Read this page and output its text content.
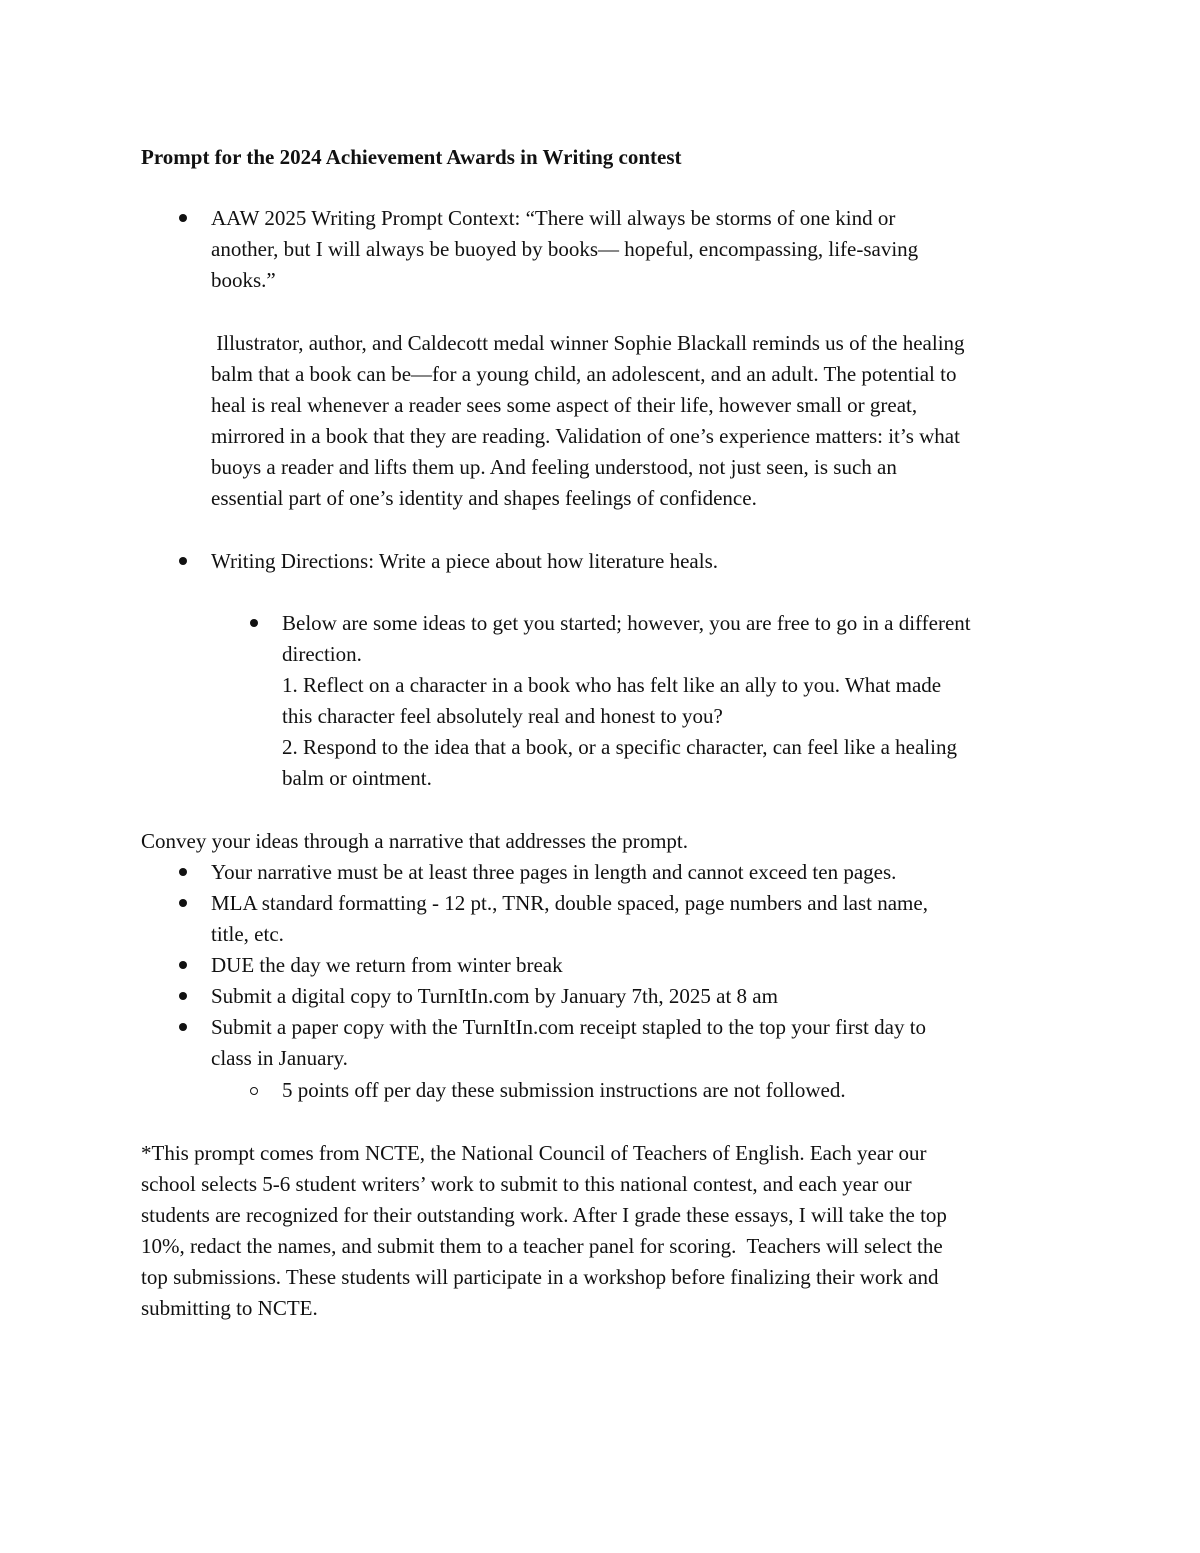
Prompt for the 2024 Achievement Awards in Writing contest
AAW 2025 Writing Prompt Context: “There will always be storms of one kind or
another, but I will always be buoyed by books— hopeful, encompassing, life-saving
books.”
Illustrator, author, and Caldecott medal winner Sophie Blackall reminds us of the healing
balm that a book can be—for a young child, an adolescent, and an adult. The potential to
heal is real whenever a reader sees some aspect of their life, however small or great,
mirrored in a book that they are reading. Validation of one’s experience matters: it’s what
buoys a reader and lifts them up. And feeling understood, not just seen, is such an
essential part of one’s identity and shapes feelings of confidence.
Writing Directions: Write a piece about how literature heals.
Below are some ideas to get you started; however, you are free to go in a different
direction.
1. Reflect on a character in a book who has felt like an ally to you. What made
this character feel absolutely real and honest to you?
2. Respond to the idea that a book, or a specific character, can feel like a healing
balm or ointment.
Convey your ideas through a narrative that addresses the prompt.
Your narrative must be at least three pages in length and cannot exceed ten pages.
MLA standard formatting - 12 pt., TNR, double spaced, page numbers and last name,
title, etc.
DUE the day we return from winter break
Submit a digital copy to TurnItIn.com by January 7th, 2025 at 8 am
Submit a paper copy with the TurnItIn.com receipt stapled to the top your first day to
class in January.
5 points off per day these submission instructions are not followed.
*This prompt comes from NCTE, the National Council of Teachers of English. Each year our
school selects 5-6 student writers’ work to submit to this national contest, and each year our
students are recognized for their outstanding work. After I grade these essays, I will take the top
10%, redact the names, and submit them to a teacher panel for scoring.  Teachers will select the
top submissions. These students will participate in a workshop before finalizing their work and
submitting to NCTE.
